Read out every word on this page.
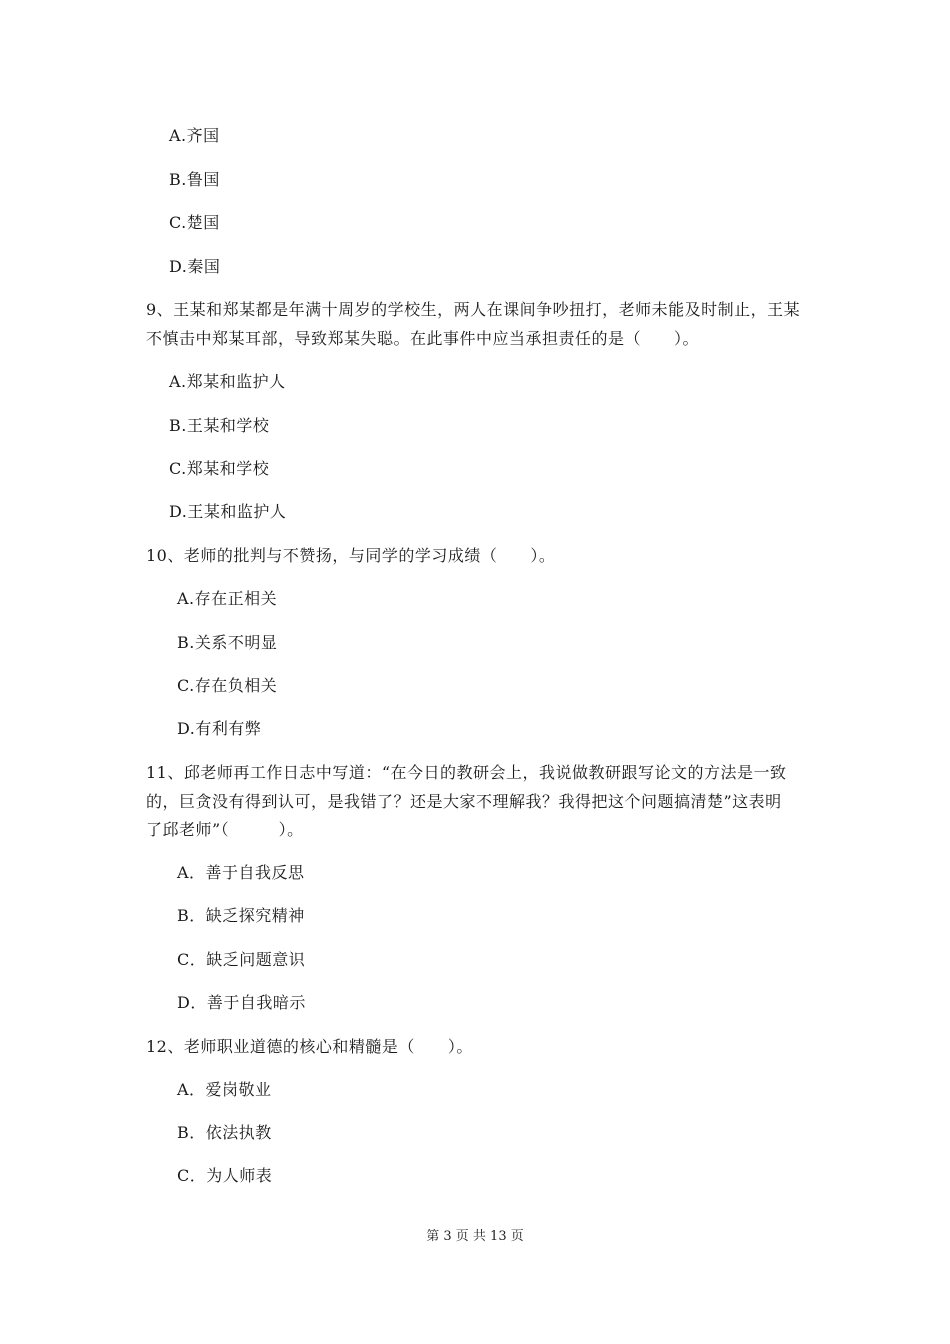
A.齐国
B.鲁国
C.楚国
D.秦国
9、王某和郑某都是年满十周岁的学校生，两人在课间争吵扭打，老师未能及时制止，王某
不慎击中郑某耳部，导致郑某失聪。在此事件中应当承担责任的是（　　）。
A.郑某和监护人
B.王某和学校
C.郑某和学校
D.王某和监护人
10、老师的批判与不赞扬，与同学的学习成绩（　　）。
A.存在正相关
B.关系不明显
C.存在负相关
D.有利有弊
11、邱老师再工作日志中写道：“在今日的教研会上，我说做教研跟写论文的方法是一致
的，巨贪没有得到认可，是我错了？还是大家不理解我？我得把这个问题搞清楚”这表明
了邱老师”（　　　）。
A．善于自我反思
B．缺乏探究精神
C．缺乏问题意识
D．善于自我暗示
12、老师职业道德的核心和精髓是（　　）。
A．爱岗敬业
B．依法执教
C．为人师表
第 3 页 共 13 页
